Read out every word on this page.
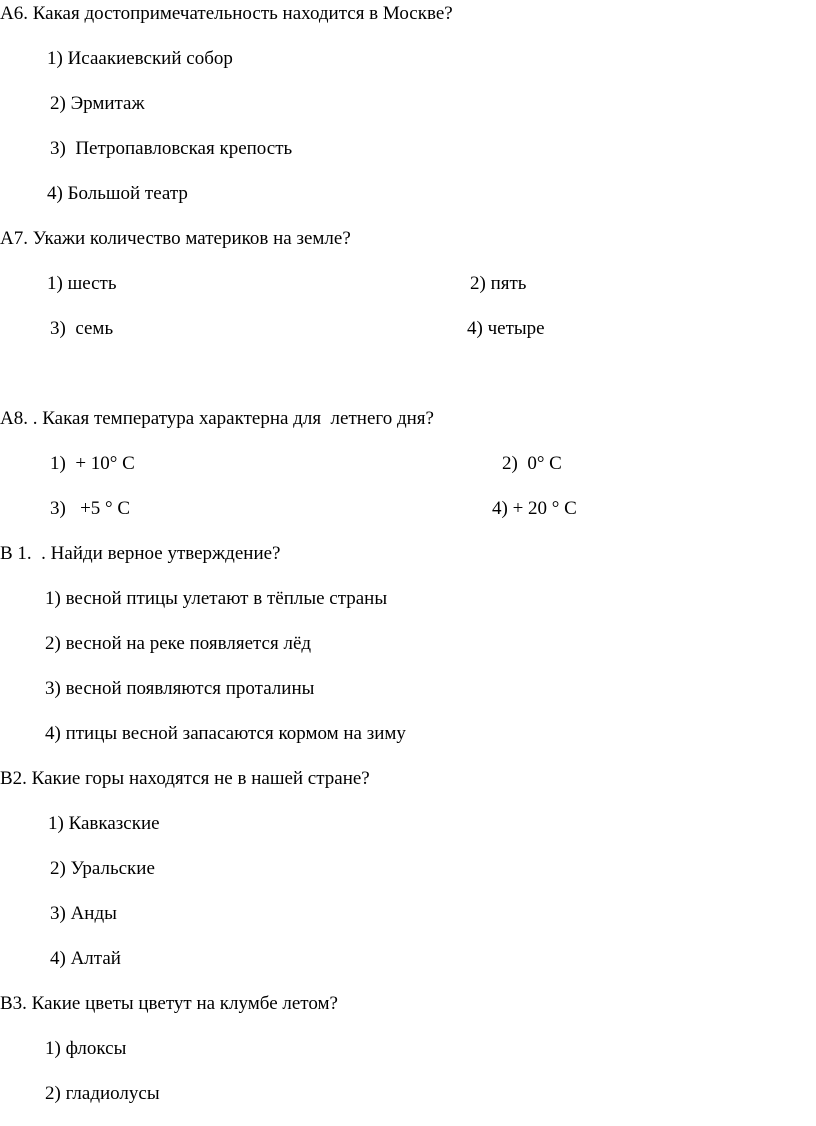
А6. Какая достопримечательность находится в Москве?

1) Исаакиевский собор

2) Эрмитаж

3)  Петропавловская крепость

4) Большой театр

А7. Укажи количество материков на земле?

1) шесть	2) пять

3)  семь	4) четыре

А8. . Какая температура характерна для  летнего дня?

1)  + 10° С	2)  0° С

3)   +5 ° С	4) + 20 ° С

В 1.  . Найди верное утверждение?

1) весной птицы улетают в тёплые страны

2) весной на реке появляется лёд

3) весной появляются проталины

4) птицы весной запасаются кормом на зиму

В2. Какие горы находятся не в нашей стране?

1) Кавказские

2) Уральские

3) Анды

4) Алтай

В3. Какие цветы цветут на клумбе летом?

1) флоксы

2) гладиолусы
